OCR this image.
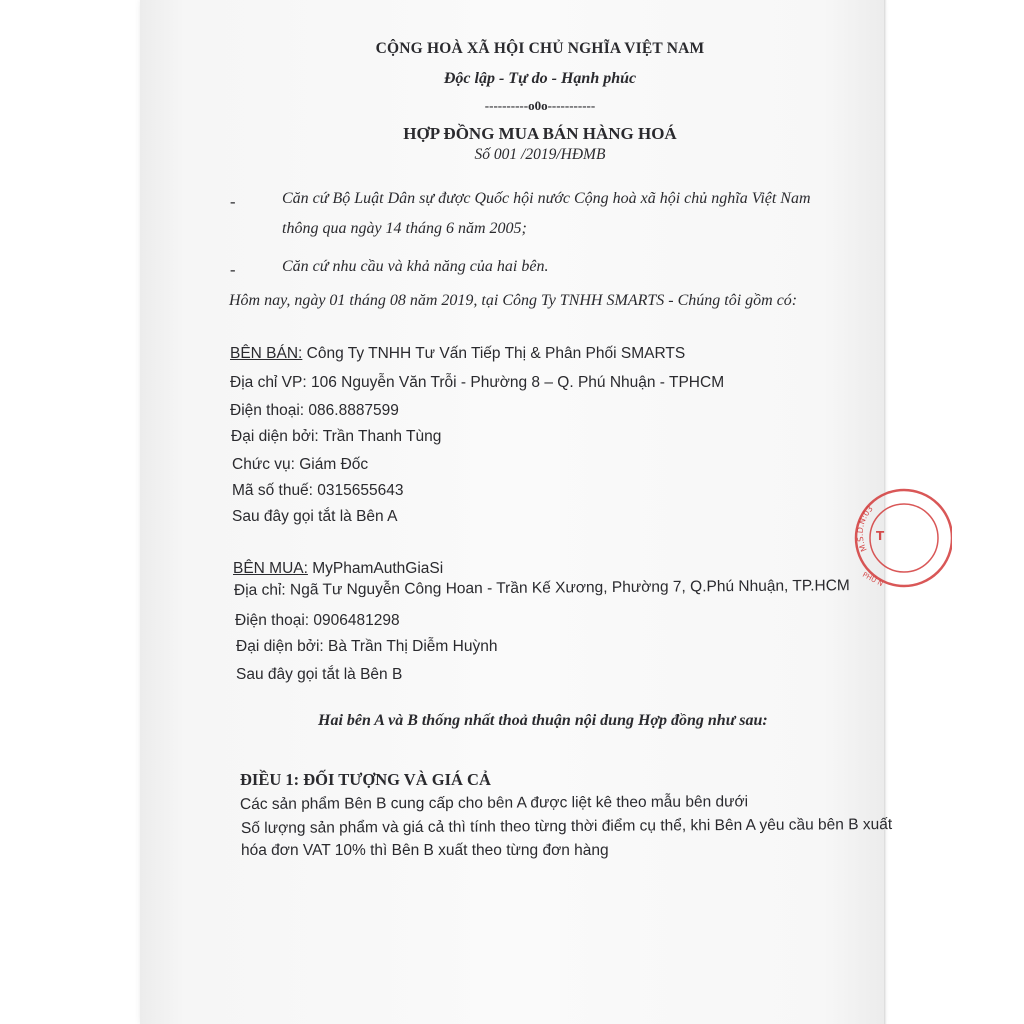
CỘNG HOÀ XÃ HỘI CHỦ NGHĨA VIỆT NAM
Độc lập - Tự do - Hạnh phúc
----------o0o-----------
HỢP ĐỒNG MUA BÁN HÀNG HOÁ
Số 001 /2019/HĐMB
-	Căn cứ Bộ Luật Dân sự được Quốc hội nước Cộng hoà xã hội chủ nghĩa Việt Nam
thông qua ngày 14 tháng 6 năm 2005;
-	Căn cứ nhu cầu và khả năng của hai bên.
Hôm nay, ngày 01 tháng 08 năm 2019, tại Công Ty TNHH SMARTS - Chúng tôi gồm có:
BÊN BÁN: Công Ty TNHH Tư Vấn Tiếp Thị & Phân Phối SMARTS
Địa chỉ VP: 106 Nguyễn Văn Trỗi - Phường 8 – Q. Phú Nhuận - TPHCM
Điện thoại: 086.8887599
Đại diện bởi: Trần Thanh Tùng
Chức vụ: Giám Đốc
Mã số thuế: 0315655643
Sau đây gọi tắt là Bên A
BÊN MUA: MyPhamAuthGiaSi
Địa chỉ: Ngã Tư Nguyễn Công Hoan - Trần Kế Xương, Phường 7, Q.Phú Nhuận, TP.HCM
Điện thoại: 0906481298
Đại diện bởi: Bà Trần Thị Diễm Huỳnh
Sau đây gọi tắt là Bên B
Hai bên A và B thống nhất thoả thuận nội dung Hợp đồng như sau:
ĐIỀU 1: ĐỐI TƯỢNG VÀ GIÁ CẢ
Các sản phẩm Bên B cung cấp cho bên A được liệt kê theo mẫu bên dưới
Số lượng sản phẩm và giá cả thì tính theo từng thời điểm cụ thể, khi Bên A yêu cầu bên B xuất
hóa đơn VAT 10% thì Bên B xuất theo từng đơn hàng
M.S.D.N:03
T
PHÚ N
